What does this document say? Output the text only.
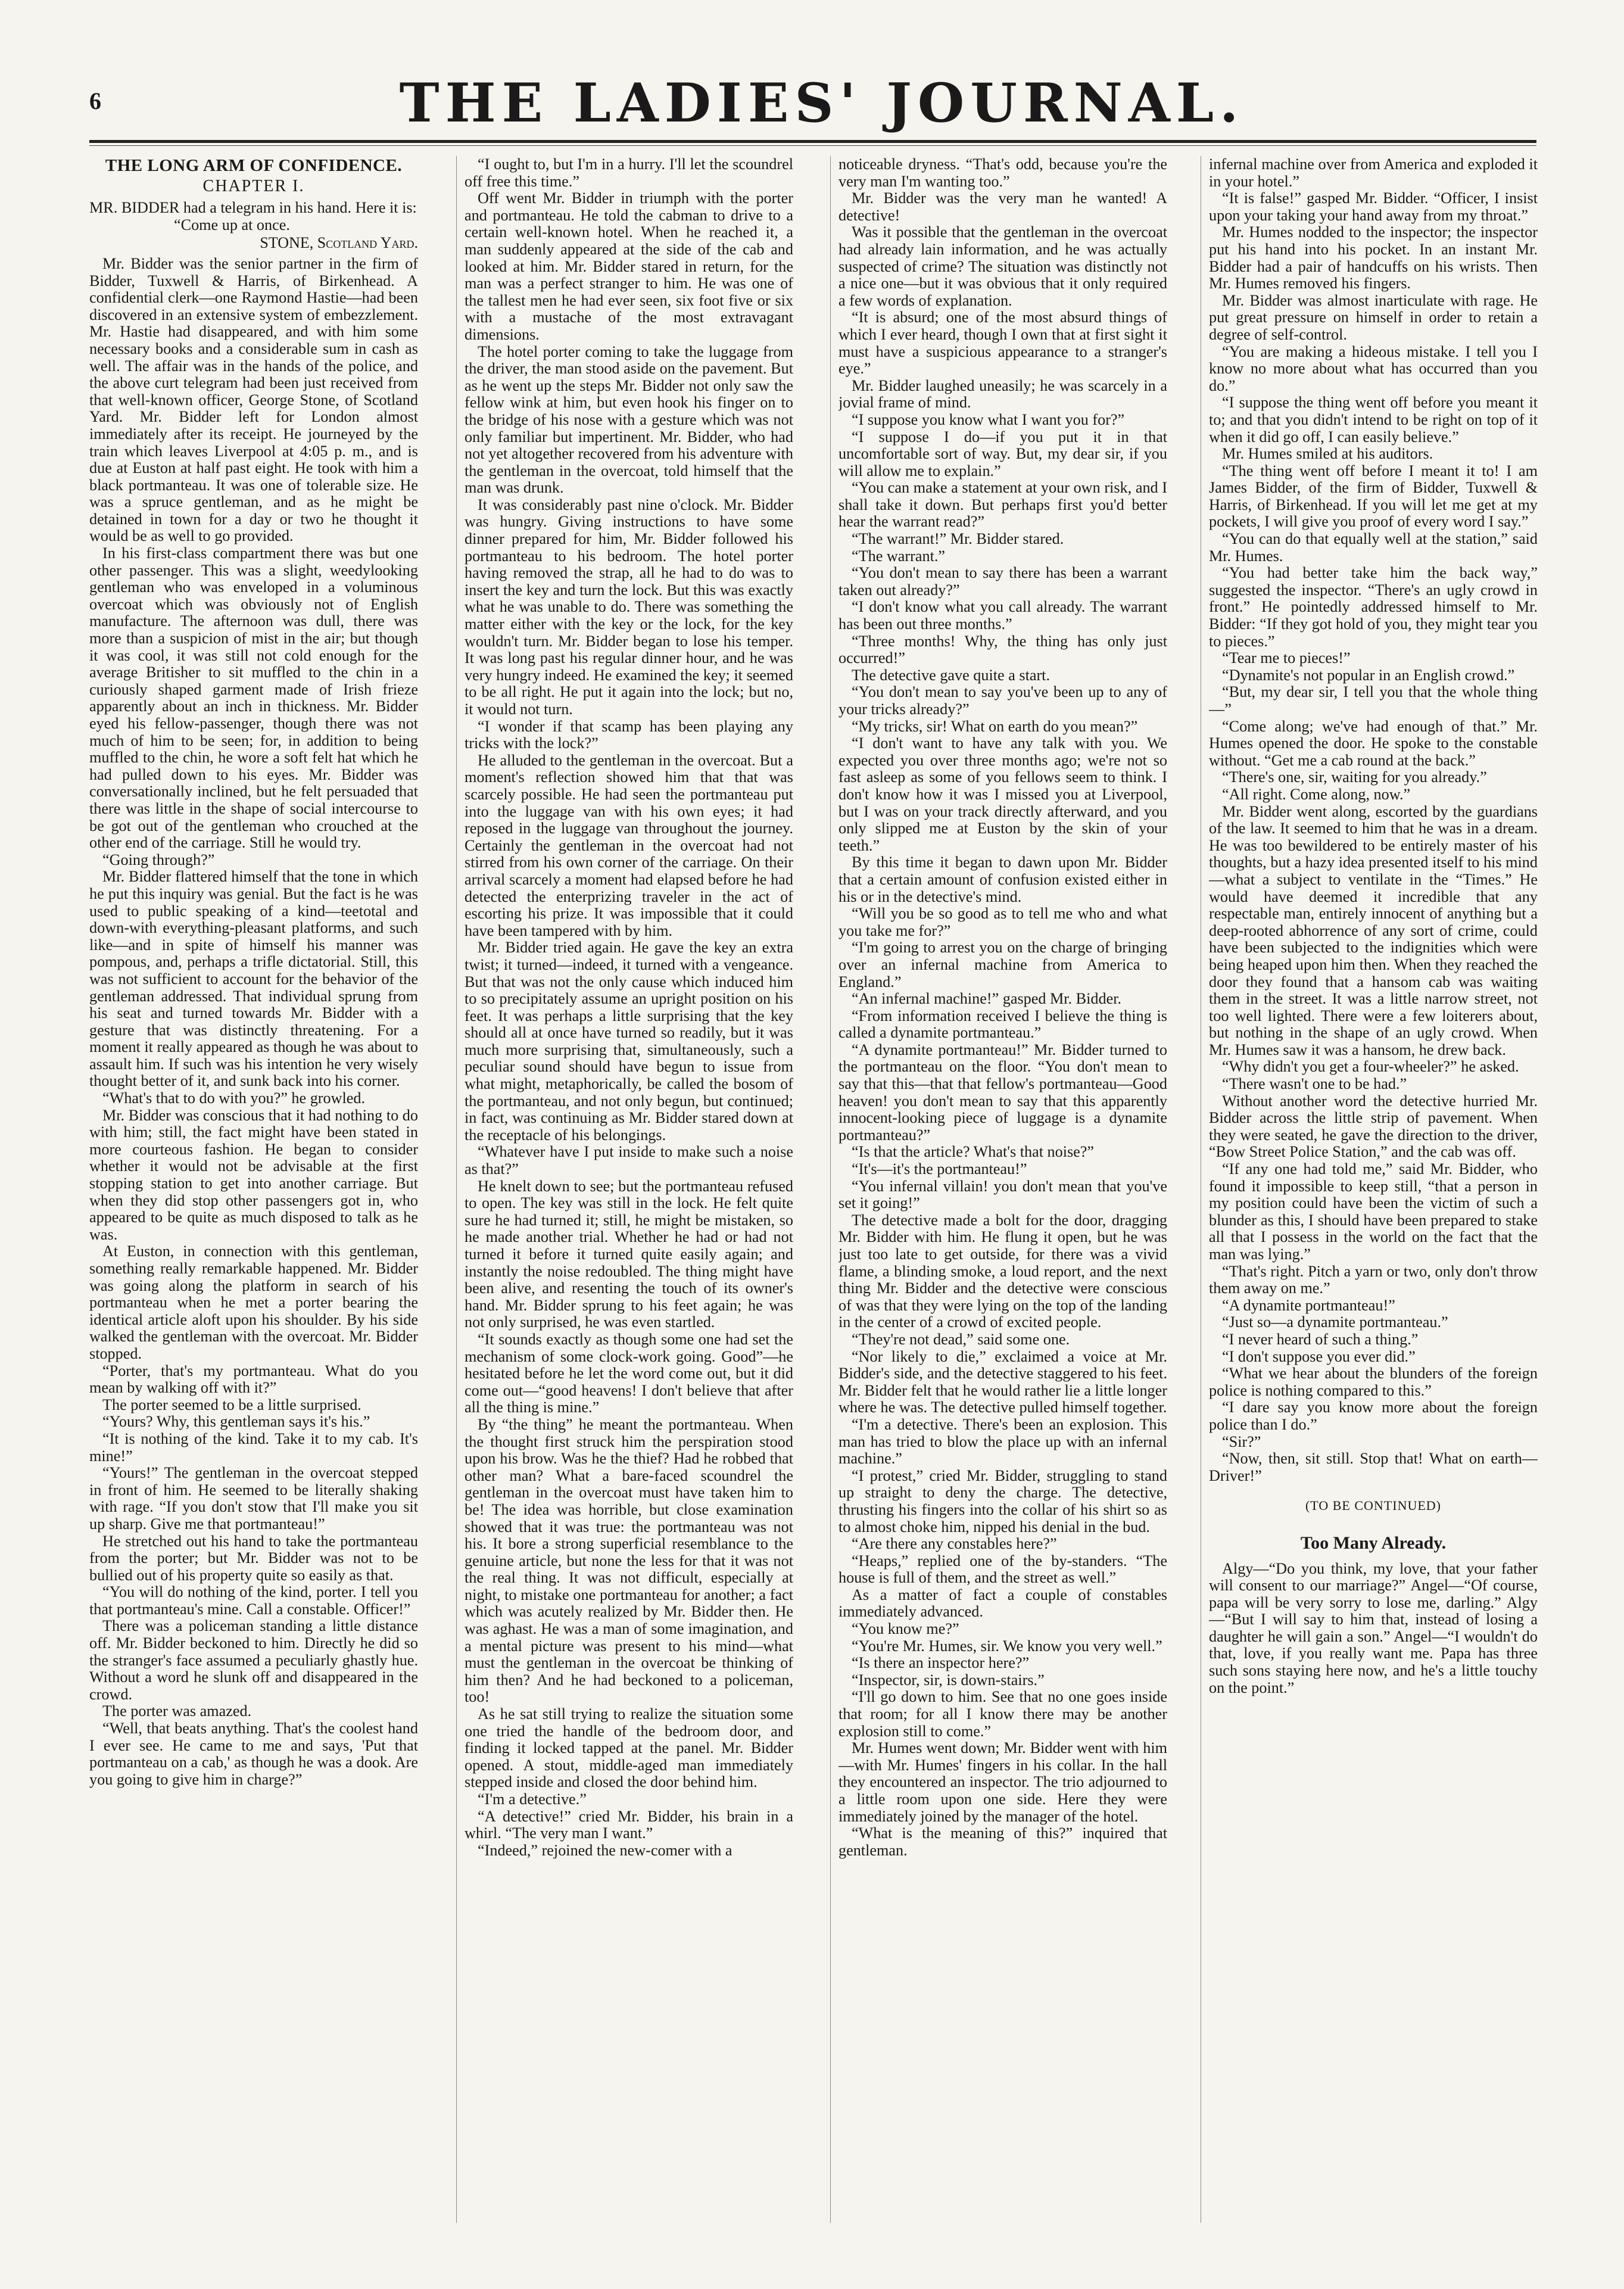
6	THE LADIES' JOURNAL.
THE LONG ARM OF CONFIDENCE.
CHAPTER I.

MR. BIDDER had a telegram in his hand. Here it is:

“Come up at once.

STONE, Scotland Yard.

Mr. Bidder was the senior partner in the firm of Bidder, Tuxwell & Harris, of Birkenhead. A confidential clerk—one Raymond Hastie—had been discovered in an extensive system of embezzlement. Mr. Hastie had disappeared, and with him some necessary books and a considerable sum in cash as well. The affair was in the hands of the police, and the above curt telegram had been just received from that well-known officer, George Stone, of Scotland Yard. Mr. Bidder left for London almost immediately after its receipt. He journeyed by the train which leaves Liverpool at 4:05 p. m., and is due at Euston at half past eight. He took with him a black portmanteau. It was one of tolerable size. He was a spruce gentleman, and as he might be detained in town for a day or two he thought it would be as well to go provided.

In his first-class compartment there was but one other passenger. This was a slight, weedylooking gentleman who was enveloped in a voluminous overcoat which was obviously not of English manufacture. The afternoon was dull, there was more than a suspicion of mist in the air; but though it was cool, it was still not cold enough for the average Britisher to sit muffled to the chin in a curiously shaped garment made of Irish frieze apparently about an inch in thickness. Mr. Bidder eyed his fellow-passenger, though there was not much of him to be seen; for, in addition to being muffled to the chin, he wore a soft felt hat which he had pulled down to his eyes. Mr. Bidder was conversationally inclined, but he felt persuaded that there was little in the shape of social intercourse to be got out of the gentleman who crouched at the other end of the carriage. Still he would try.

“Going through?”

Mr. Bidder flattered himself that the tone in which he put this inquiry was genial. But the fact is he was used to public speaking of a kind—teetotal and down-with everything-pleasant platforms, and such like—and in spite of himself his manner was pompous, and, perhaps a trifle dictatorial. Still, this was not sufficient to account for the behavior of the gentleman addressed. That individual sprung from his seat and turned towards Mr. Bidder with a gesture that was distinctly threatening. For a moment it really appeared as though he was about to assault him. If such was his intention he very wisely thought better of it, and sunk back into his corner.

“What's that to do with you?” he growled.

Mr. Bidder was conscious that it had nothing to do with him; still, the fact might have been stated in more courteous fashion. He began to consider whether it would not be advisable at the first stopping station to get into another carriage. But when they did stop other passengers got in, who appeared to be quite as much disposed to talk as he was.

At Euston, in connection with this gentleman, something really remarkable happened. Mr. Bidder was going along the platform in search of his portmanteau when he met a porter bearing the identical article aloft upon his shoulder. By his side walked the gentleman with the overcoat. Mr. Bidder stopped.

“Porter, that's my portmanteau. What do you mean by walking off with it?”

The porter seemed to be a little surprised.

“Yours? Why, this gentleman says it's his.”

“It is nothing of the kind. Take it to my cab. It's mine!”

“Yours!” The gentleman in the overcoat stepped in front of him. He seemed to be literally shaking with rage. “If you don't stow that I'll make you sit up sharp. Give me that portmanteau!”

He stretched out his hand to take the portmanteau from the porter; but Mr. Bidder was not to be bullied out of his property quite so easily as that.

“You will do nothing of the kind, porter. I tell you that portmanteau's mine. Call a constable. Officer!”

There was a policeman standing a little distance off. Mr. Bidder beckoned to him. Directly he did so the stranger's face assumed a peculiarly ghastly hue. Without a word he slunk off and disappeared in the crowd.

The porter was amazed.

“Well, that beats anything. That's the coolest hand I ever see. He came to me and says, 'Put that portmanteau on a cab,' as though he was a dook. Are you going to give him in charge?”

“I ought to, but I'm in a hurry. I'll let the scoundrel off free this time.”

Off went Mr. Bidder in triumph with the porter and portmanteau. He told the cabman to drive to a certain well-known hotel. When he reached it, a man suddenly appeared at the side of the cab and looked at him. Mr. Bidder stared in return, for the man was a perfect stranger to him. He was one of the tallest men he had ever seen, six foot five or six with a mustache of the most extravagant dimensions.

The hotel porter coming to take the luggage from the driver, the man stood aside on the pavement. But as he went up the steps Mr. Bidder not only saw the fellow wink at him, but even hook his finger on to the bridge of his nose with a gesture which was not only familiar but impertinent. Mr. Bidder, who had not yet altogether recovered from his adventure with the gentleman in the overcoat, told himself that the man was drunk.

It was considerably past nine o'clock. Mr. Bidder was hungry. Giving instructions to have some dinner prepared for him, Mr. Bidder followed his portmanteau to his bedroom. The hotel porter having removed the strap, all he had to do was to insert the key and turn the lock. But this was exactly what he was unable to do. There was something the matter either with the key or the lock, for the key wouldn't turn. Mr. Bidder began to lose his temper. It was long past his regular dinner hour, and he was very hungry indeed. He examined the key; it seemed to be all right. He put it again into the lock; but no, it would not turn.

“I wonder if that scamp has been playing any tricks with the lock?”

He alluded to the gentleman in the overcoat. But a moment's reflection showed him that that was scarcely possible. He had seen the portmanteau put into the luggage van with his own eyes; it had reposed in the luggage van throughout the journey. Certainly the gentleman in the overcoat had not stirred from his own corner of the carriage. On their arrival scarcely a moment had elapsed before he had detected the enterprizing traveler in the act of escorting his prize. It was impossible that it could have been tampered with by him.

Mr. Bidder tried again. He gave the key an extra twist; it turned—indeed, it turned with a vengeance. But that was not the only cause which induced him to so precipitately assume an upright position on his feet. It was perhaps a little surprising that the key should all at once have turned so readily, but it was much more surprising that, simultaneously, such a peculiar sound should have begun to issue from what might, metaphorically, be called the bosom of the portmanteau, and not only begun, but continued; in fact, was continuing as Mr. Bidder stared down at the receptacle of his belongings.

“Whatever have I put inside to make such a noise as that?”

He knelt down to see; but the portmanteau refused to open. The key was still in the lock. He felt quite sure he had turned it; still, he might be mistaken, so he made another trial. Whether he had or had not turned it before it turned quite easily again; and instantly the noise redoubled. The thing might have been alive, and resenting the touch of its owner's hand. Mr. Bidder sprung to his feet again; he was not only surprised, he was even startled.

“It sounds exactly as though some one had set the mechanism of some clock-work going. Good”—he hesitated before he let the word come out, but it did come out—“good heavens! I don't believe that after all the thing is mine.”

By “the thing” he meant the portmanteau. When the thought first struck him the perspiration stood upon his brow. Was he the thief? Had he robbed that other man? What a bare-faced scoundrel the gentleman in the overcoat must have taken him to be! The idea was horrible, but close examination showed that it was true: the portmanteau was not his. It bore a strong superficial resemblance to the genuine article, but none the less for that it was not the real thing. It was not difficult, especially at night, to mistake one portmanteau for another; a fact which was acutely realized by Mr. Bidder then. He was aghast. He was a man of some imagination, and a mental picture was present to his mind—what must the gentleman in the overcoat be thinking of him then? And he had beckoned to a policeman, too!

As he sat still trying to realize the situation some one tried the handle of the bedroom door, and finding it locked tapped at the panel. Mr. Bidder opened. A stout, middle-aged man immediately stepped inside and closed the door behind him.

“I'm a detective.”

“A detective!” cried Mr. Bidder, his brain in a whirl. “The very man I want.”

“Indeed,” rejoined the new-comer with a

noticeable dryness. “That's odd, because you're the very man I'm wanting too.”

Mr. Bidder was the very man he wanted! A detective!

Was it possible that the gentleman in the overcoat had already lain information, and he was actually suspected of crime? The situation was distinctly not a nice one—but it was obvious that it only required a few words of explanation.

“It is absurd; one of the most absurd things of which I ever heard, though I own that at first sight it must have a suspicious appearance to a stranger's eye.”

Mr. Bidder laughed uneasily; he was scarcely in a jovial frame of mind.

“I suppose you know what I want you for?”

“I suppose I do—if you put it in that uncomfortable sort of way. But, my dear sir, if you will allow me to explain.”

“You can make a statement at your own risk, and I shall take it down. But perhaps first you'd better hear the warrant read?”

“The warrant!” Mr. Bidder stared.

“The warrant.”

“You don't mean to say there has been a warrant taken out already?”

“I don't know what you call already. The warrant has been out three months.”

“Three months! Why, the thing has only just occurred!”

The detective gave quite a start.

“You don't mean to say you've been up to any of your tricks already?”

“My tricks, sir! What on earth do you mean?”

“I don't want to have any talk with you. We expected you over three months ago; we're not so fast asleep as some of you fellows seem to think. I don't know how it was I missed you at Liverpool, but I was on your track directly afterward, and you only slipped me at Euston by the skin of your teeth.”

By this time it began to dawn upon Mr. Bidder that a certain amount of confusion existed either in his or in the detective's mind.

“Will you be so good as to tell me who and what you take me for?”

“I'm going to arrest you on the charge of bringing over an infernal machine from America to England.”

“An infernal machine!” gasped Mr. Bidder.

“From information received I believe the thing is called a dynamite portmanteau.”

“A dynamite portmanteau!” Mr. Bidder turned to the portmanteau on the floor. “You don't mean to say that this—that that fellow's portmanteau—Good heaven! you don't mean to say that this apparently innocent-looking piece of luggage is a dynamite portmanteau?”

“Is that the article? What's that noise?”

“It's—it's the portmanteau!”

“You infernal villain! you don't mean that you've set it going!”

The detective made a bolt for the door, dragging Mr. Bidder with him. He flung it open, but he was just too late to get outside, for there was a vivid flame, a blinding smoke, a loud report, and the next thing Mr. Bidder and the detective were conscious of was that they were lying on the top of the landing in the center of a crowd of excited people.

“They're not dead,” said some one.

“Nor likely to die,” exclaimed a voice at Mr. Bidder's side, and the detective staggered to his feet. Mr. Bidder felt that he would rather lie a little longer where he was. The detective pulled himself together.

“I'm a detective. There's been an explosion. This man has tried to blow the place up with an infernal machine.”

“I protest,” cried Mr. Bidder, struggling to stand up straight to deny the charge. The detective, thrusting his fingers into the collar of his shirt so as to almost choke him, nipped his denial in the bud.

“Are there any constables here?”

“Heaps,” replied one of the by-standers. “The house is full of them, and the street as well.”

As a matter of fact a couple of constables immediately advanced.

“You know me?”

“You're Mr. Humes, sir. We know you very well.”

“Is there an inspector here?”

“Inspector, sir, is down-stairs.”

“I'll go down to him. See that no one goes inside that room; for all I know there may be another explosion still to come.”

Mr. Humes went down; Mr. Bidder went with him—with Mr. Humes' fingers in his collar. In the hall they encountered an inspector. The trio adjourned to a little room upon one side. Here they were immediately joined by the manager of the hotel.

“What is the meaning of this?” inquired that gentleman.

infernal machine over from America and exploded it in your hotel.”

“It is false!” gasped Mr. Bidder. “Officer, I insist upon your taking your hand away from my throat.”

Mr. Humes nodded to the inspector; the inspector put his hand into his pocket. In an instant Mr. Bidder had a pair of handcuffs on his wrists. Then Mr. Humes removed his fingers.

Mr. Bidder was almost inarticulate with rage. He put great pressure on himself in order to retain a degree of self-control.

“You are making a hideous mistake. I tell you I know no more about what has occurred than you do.”

“I suppose the thing went off before you meant it to; and that you didn't intend to be right on top of it when it did go off, I can easily believe.”

Mr. Humes smiled at his auditors.

“The thing went off before I meant it to! I am James Bidder, of the firm of Bidder, Tuxwell & Harris, of Birkenhead. If you will let me get at my pockets, I will give you proof of every word I say.”

“You can do that equally well at the station,” said Mr. Humes.

“You had better take him the back way,” suggested the inspector. “There's an ugly crowd in front.” He pointedly addressed himself to Mr. Bidder: “If they got hold of you, they might tear you to pieces.”

“Tear me to pieces!”

“Dynamite's not popular in an English crowd.”

“But, my dear sir, I tell you that the whole thing—”

“Come along; we've had enough of that.” Mr. Humes opened the door. He spoke to the constable without. “Get me a cab round at the back.”

“There's one, sir, waiting for you already.”

“All right. Come along, now.”

Mr. Bidder went along, escorted by the guardians of the law. It seemed to him that he was in a dream. He was too bewildered to be entirely master of his thoughts, but a hazy idea presented itself to his mind—what a subject to ventilate in the “Times.” He would have deemed it incredible that any respectable man, entirely innocent of anything but a deep-rooted abhorrence of any sort of crime, could have been subjected to the indignities which were being heaped upon him then. When they reached the door they found that a hansom cab was waiting them in the street. It was a little narrow street, not too well lighted. There were a few loiterers about, but nothing in the shape of an ugly crowd. When Mr. Humes saw it was a hansom, he drew back.

“Why didn't you get a four-wheeler?” he asked.

“There wasn't one to be had.”

Without another word the detective hurried Mr. Bidder across the little strip of pavement. When they were seated, he gave the direction to the driver, “Bow Street Police Station,” and the cab was off.

“If any one had told me,” said Mr. Bidder, who found it impossible to keep still, “that a person in my position could have been the victim of such a blunder as this, I should have been prepared to stake all that I possess in the world on the fact that the man was lying.”

“That's right. Pitch a yarn or two, only don't throw them away on me.”

“A dynamite portmanteau!”

“Just so—a dynamite portmanteau.”

“I never heard of such a thing.”

“I don't suppose you ever did.”

“What we hear about the blunders of the foreign police is nothing compared to this.”

“I dare say you know more about the foreign police than I do.”

“Sir?”

“Now, then, sit still. Stop that! What on earth— Driver!”

(TO BE CONTINUED)
Too Many Already.

Algy—“Do you think, my love, that your father will consent to our marriage?” Angel—“Of course, papa will be very sorry to lose me, darling.” Algy—“But I will say to him that, instead of losing a daughter he will gain a son.” Angel—“I wouldn't do that, love, if you really want me. Papa has three such sons staying here now, and he's a little touchy on the point.”
